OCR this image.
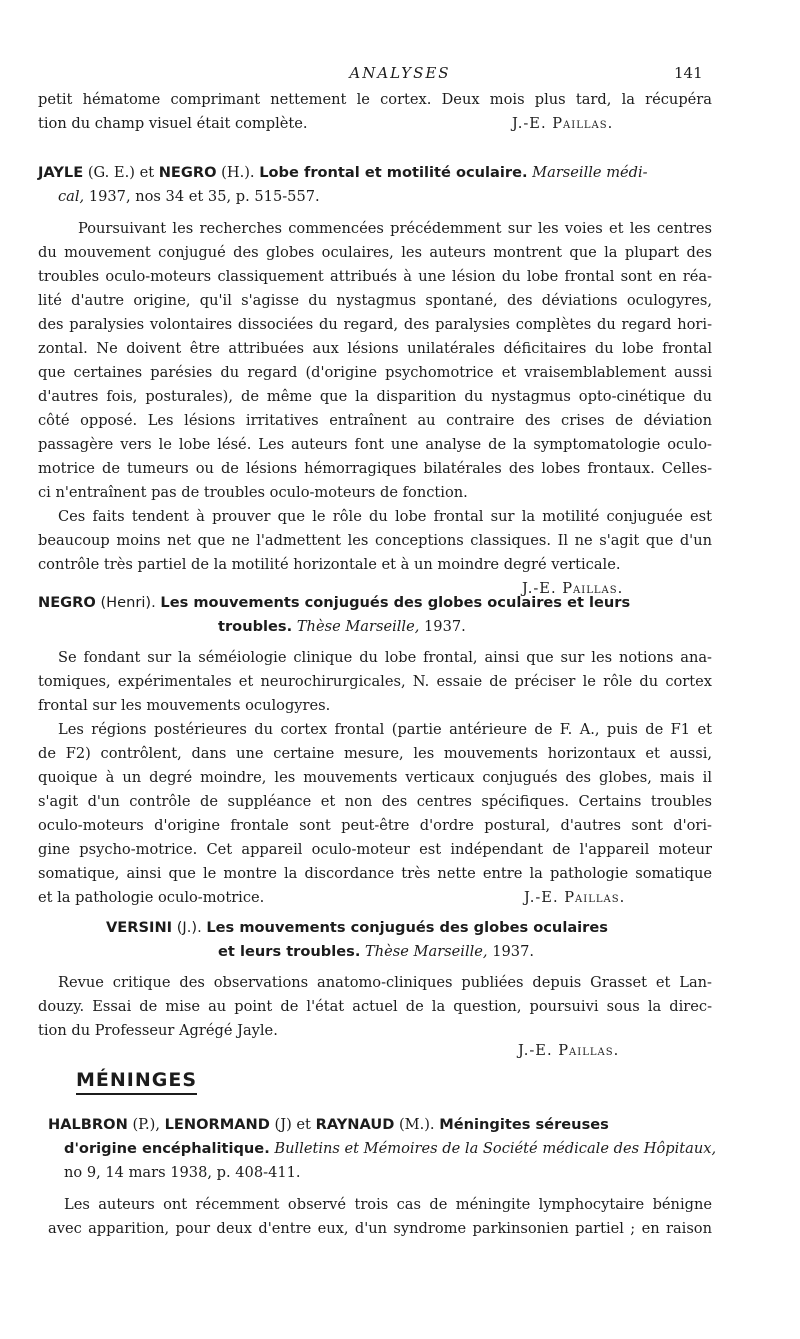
ANALYSES	141
petit hématome comprimant nettement le cortex. Deux mois plus tard, la récupéra
tion du champ visuel était complète.	J.-E. Paillas.
JAYLE (G. E.) et NEGRO (H.). Lobe frontal et motilité oculaire. Marseille médi-
cal, 1937, nos 34 et 35, p. 515-557.
Poursuivant les recherches commencées précédemment sur les voies et les centres
du mouvement conjugué des globes oculaires, les auteurs montrent que la plupart des
troubles oculo-moteurs classiquement attribués à une lésion du lobe frontal sont en réa-
lité d'autre origine, qu'il s'agisse du nystagmus spontané, des déviations oculogyres,
des paralysies volontaires dissociées du regard, des paralysies complètes du regard hori-
zontal. Ne doivent être attribuées aux lésions unilatérales déficitaires du lobe frontal
que certaines parésies du regard (d'origine psychomotrice et vraisemblablement aussi
d'autres fois, posturales), de même que la disparition du nystagmus opto-cinétique du
côté opposé. Les lésions irritatives entraînent au contraire des crises de déviation
passagère vers le lobe lésé. Les auteurs font une analyse de la symptomatologie oculo-
motrice de tumeurs ou de lésions hémorragiques bilatérales des lobes frontaux. Celles-
ci n'entraînent pas de troubles oculo-moteurs de fonction.
Ces faits tendent à prouver que le rôle du lobe frontal sur la motilité conjuguée est
beaucoup moins net que ne l'admettent les conceptions classiques. Il ne s'agit que d'un
contrôle très partiel de la motilité horizontale et à un moindre degré verticale.
J.-E. Paillas.
NEGRO (Henri). Les mouvements conjugués des globes oculaires et leurs
troubles. Thèse Marseille, 1937.
Se fondant sur la séméiologie clinique du lobe frontal, ainsi que sur les notions ana-
tomiques, expérimentales et neurochirurgicales, N. essaie de préciser le rôle du cortex
frontal sur les mouvements oculogyres.
Les régions postérieures du cortex frontal (partie antérieure de F. A., puis de F1 et
de F2) contrôlent, dans une certaine mesure, les mouvements horizontaux et aussi,
quoique à un degré moindre, les mouvements verticaux conjugués des globes, mais il
s'agit d'un contrôle de suppléance et non des centres spécifiques. Certains troubles
oculo-moteurs d'origine frontale sont peut-être d'ordre postural, d'autres sont d'ori-
gine psycho-motrice. Cet appareil oculo-moteur est indépendant de l'appareil moteur
somatique, ainsi que le montre la discordance très nette entre la pathologie somatique
et la pathologie oculo-motrice.	J.-E. Paillas.
VERSINI (J.). Les mouvements conjugués des globes oculaires
et leurs troubles. Thèse Marseille, 1937.
Revue critique des observations anatomo-cliniques publiées depuis Grasset et Lan-
douzy. Essai de mise au point de l'état actuel de la question, poursuivi sous la direc-
tion du Professeur Agrégé Jayle.
J.-E. Paillas.
MÉNINGES
HALBRON (P.), LENORMAND (J) et RAYNAUD (M.). Méningites séreuses
d'origine encéphalitique. Bulletins et Mémoires de la Société médicale des Hôpitaux,
no 9, 14 mars 1938, p. 408-411.
Les auteurs ont récemment observé trois cas de méningite lymphocytaire bénigne
avec apparition, pour deux d'entre eux, d'un syndrome parkinsonien partiel ; en raison
